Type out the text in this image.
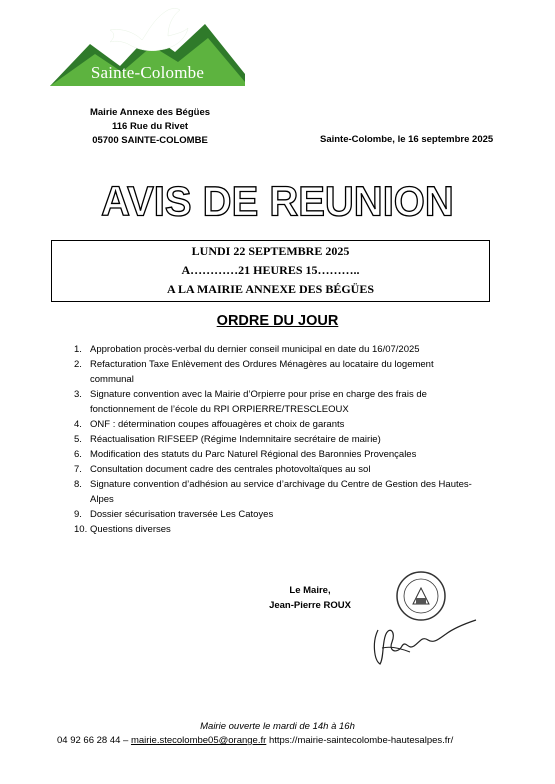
Sainte-Colombe
Mairie Annexe des Bégües
116 Rue du Rivet
05700 SAINTE-COLOMBE	Sainte-Colombe, le 16 septembre 2025
AVIS DE REUNION
LUNDI 22 SEPTEMBRE 2025
A…………21 HEURES 15………..
A LA MAIRIE ANNEXE DES BÉGÜES
ORDRE DU JOUR
1. Approbation procès-verbal du dernier conseil municipal en date du 16/07/2025
2. Refacturation Taxe Enlèvement des Ordures Ménagères au locataire du logement communal
3. Signature convention avec la Mairie d’Orpierre pour prise en charge des frais de fonctionnement de l’école du RPI ORPIERRE/TRESCLEOUX
4. ONF : détermination coupes affouagères et choix de garants
5. Réactualisation RIFSEEP (Régime Indemnitaire secrétaire de mairie)
6. Modification des statuts du Parc Naturel Régional des Baronnies Provençales
7. Consultation document cadre des centrales photovoltaïques au sol
8. Signature convention d’adhésion au service d’archivage du Centre de Gestion des Hautes-Alpes
9. Dossier sécurisation traversée Les Catoyes
10. Questions diverses
Le Maire,
Jean-Pierre ROUX
Mairie ouverte le mardi de 14h à 16h
04 92 66 28 44 – mairie.stecolombe05@orange.fr https://mairie-saintecolombe-hautesalpes.fr/
